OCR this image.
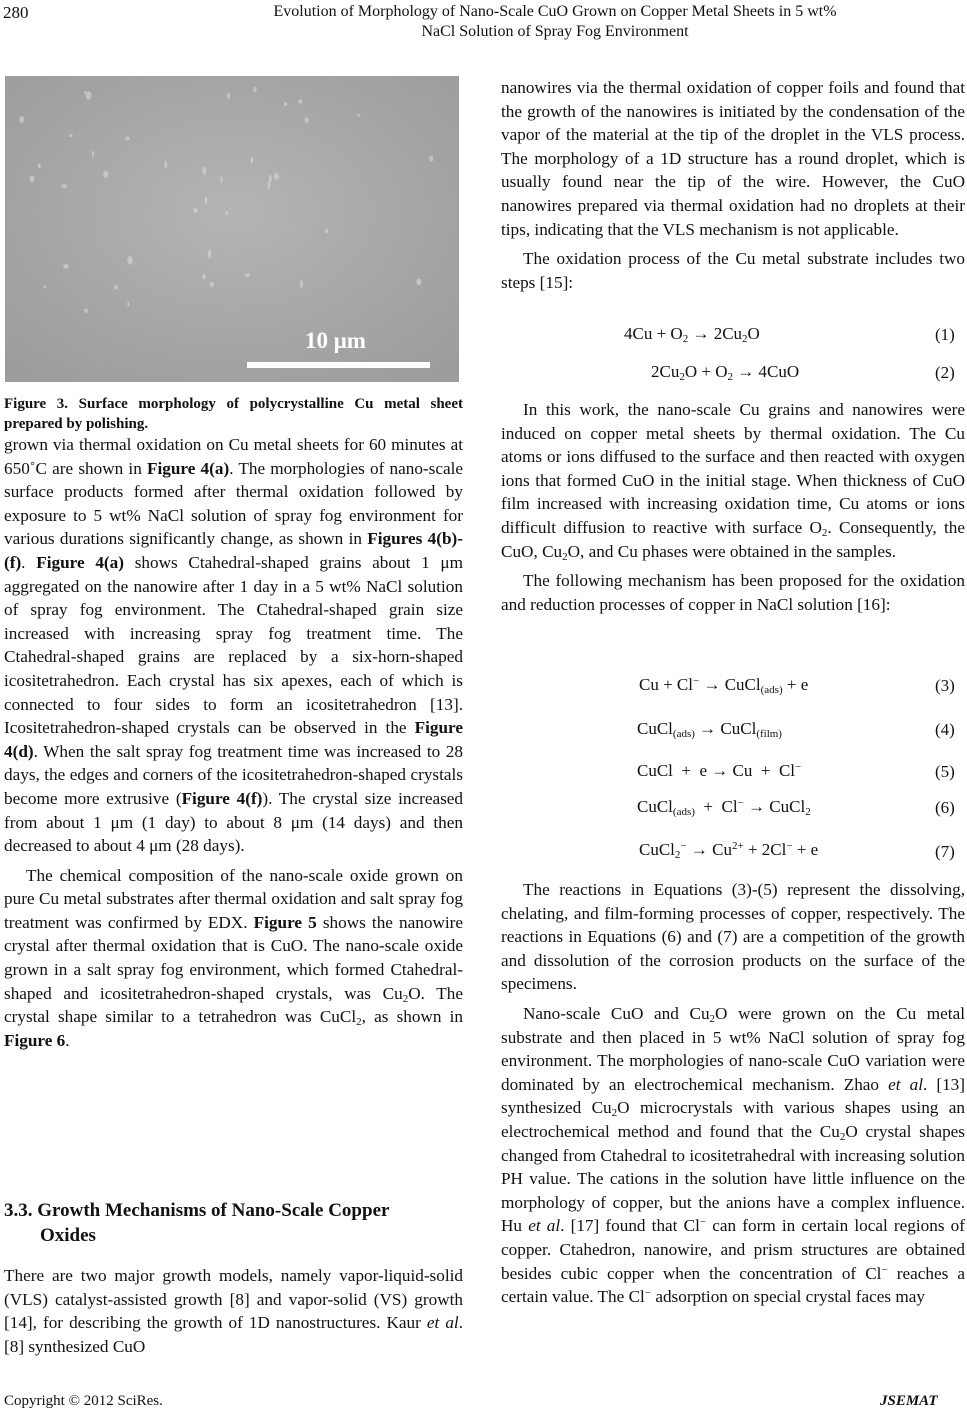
280	Evolution of Morphology of Nano-Scale CuO Grown on Copper Metal Sheets in 5 wt%
NaCl Solution of Spray Fog Environment
10 μm
Figure 3. Surface morphology of polycrystalline Cu metal sheet prepared by polishing.

grown via thermal oxidation on Cu metal sheets for 60 minutes at 650˚C are shown in Figure 4(a). The morphologies of nano-scale surface products formed after thermal oxidation followed by exposure to 5 wt% NaCl solution of spray fog environment for various durations significantly change, as shown in Figures 4(b)-(f). Figure 4(a) shows Ctahedral-shaped grains about 1 μm aggregated on the nanowire after 1 day in a 5 wt% NaCl solution of spray fog environment. The Ctahedral-shaped grain size increased with increasing spray fog treatment time. The Ctahedral-shaped grains are replaced by a six-horn-shaped icositetrahedron. Each crystal has six apexes, each of which is connected to four sides to form an icositetrahedron [13]. Icositetrahedron-shaped crystals can be observed in the Figure 4(d). When the salt spray fog treatment time was increased to 28 days, the edges and corners of the icositetrahedron-shaped crystals become more extrusive (Figure 4(f)). The crystal size increased from about 1 μm (1 day) to about 8 μm (14 days) and then decreased to about 4 μm (28 days).

The chemical composition of the nano-scale oxide grown on pure Cu metal substrates after thermal oxidation and salt spray fog treatment was confirmed by EDX. Figure 5 shows the nanowire crystal after thermal oxidation that is CuO. The nano-scale oxide grown in a salt spray fog environment, which formed Ctahedral-shaped and icositetrahedron-shaped crystals, was $Cu_2O$. The crystal shape similar to a tetrahedron was CuCl$_2$, as shown in Figure 6.

3.3. Growth Mechanisms of Nano-Scale Copper
Oxides

There are two major growth models, namely vapor-liquid-solid (VLS) catalyst-assisted growth [8] and vapor-solid (VS) growth [14], for describing the growth of 1D nanostructures. Kaur et al. [8] synthesized CuO

nanowires via the thermal oxidation of copper foils and found that the growth of the nanowires is initiated by the condensation of the vapor of the material at the tip of the droplet in the VLS process. The morphology of a 1D structure has a round droplet, which is usually found near the tip of the wire. However, the CuO nanowires prepared via thermal oxidation had no droplets at their tips, indicating that the VLS mechanism is not applicable.

The oxidation process of the Cu metal substrate includes two steps [15]:

$4Cu + O_2 \to 2Cu_2O$	(1)
$2Cu_2O + O_2 \to 4CuO$	(2)

In this work, the nano-scale Cu grains and nanowires were induced on copper metal sheets by thermal oxidation. The Cu atoms or ions diffused to the surface and then reacted with oxygen ions that formed CuO in the initial stage. When thickness of CuO film increased with increasing oxidation time, Cu atoms or ions difficult diffusion to reactive with surface $O_2$. Consequently, the CuO, $Cu_2O$, and Cu phases were obtained in the samples.

The following mechanism has been proposed for the oxidation and reduction processes of copper in NaCl solution [16]:

Cu + Cl− → CuCl$_{(ads)}$ + e	(3)
CuCl$_{(ads)}$ → CuCl$_{(film)}$	(4)
CuCl  +  e → Cu  +  Cl−	(5)
CuCl$_{(ads)}$  +  Cl− → CuCl$_2$	(6)
CuCl$_2$− → $Cu^{2+} + 2Cl^- + e$	(7)

The reactions in Equations (3)-(5) represent the dissolving, chelating, and film-forming processes of copper, respectively. The reactions in Equations (6) and (7) are a competition of the growth and dissolution of the corrosion products on the surface of the specimens.

Nano-scale CuO and $Cu_2O$ were grown on the Cu metal substrate and then placed in 5 wt% NaCl solution of spray fog environment. The morphologies of nano-scale CuO variation were dominated by an electrochemical mechanism. Zhao et al. [13] synthesized $Cu_2O$ microcrystals with various shapes using an electrochemical method and found that the $Cu_2O$ crystal shapes changed from Ctahedral to icositetrahedral with increasing solution PH value. The cations in the solution have little influence on the morphology of copper, but the anions have a complex influence. Hu et al. [17] found that Cl− can form in certain local regions of copper. Ctahedron, nanowire, and prism structures are obtained besides cubic copper when the concentration of Cl− reaches a certain value. The Cl− adsorption on special crystal faces may

Copyright © 2012 SciRes.	JSEMAT
